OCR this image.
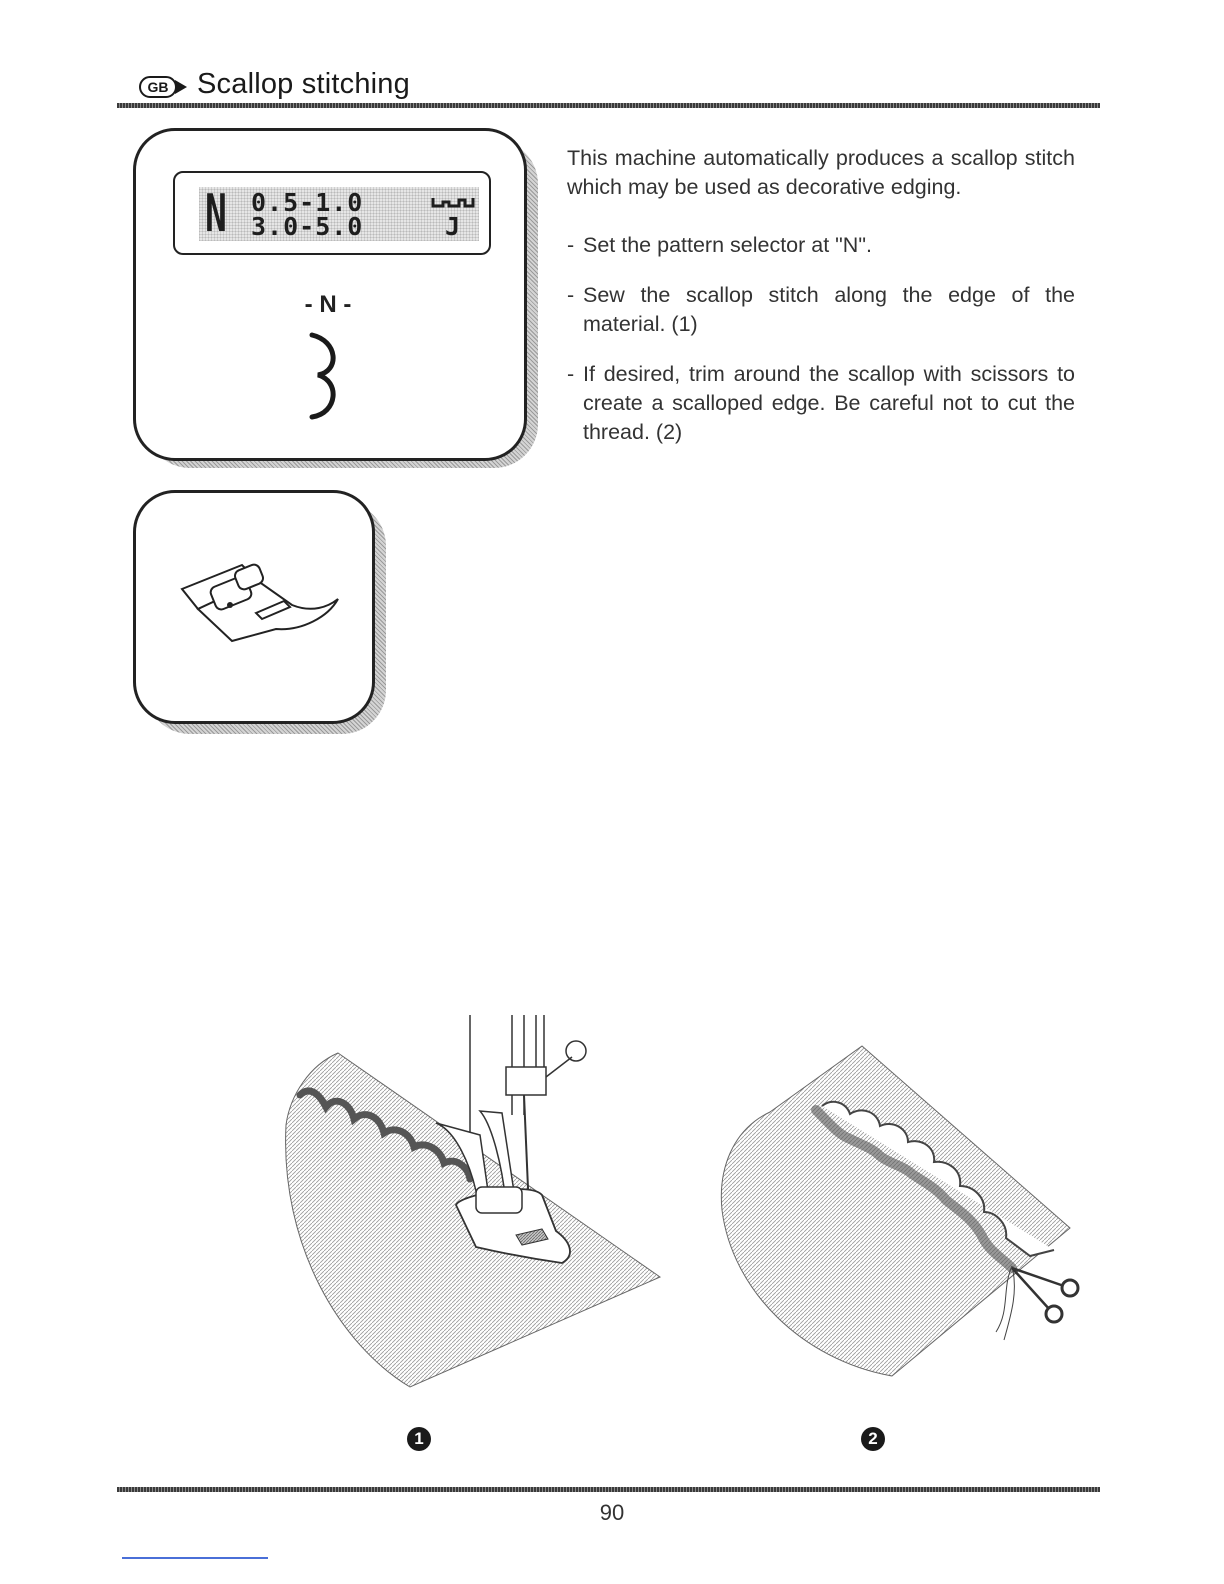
GB Scallop stitching
N 0.5-1.0
3.0-5.0	J
- N -

This machine automatically produces a scallop stitch which may be used as decorative edging.

- Set the pattern selector at "N".

- Sew the scallop stitch along the edge of the material. (1)

- If desired, trim around the scallop with scissors to create a scalloped edge. Be careful not to cut the thread. (2)

1	2
90
